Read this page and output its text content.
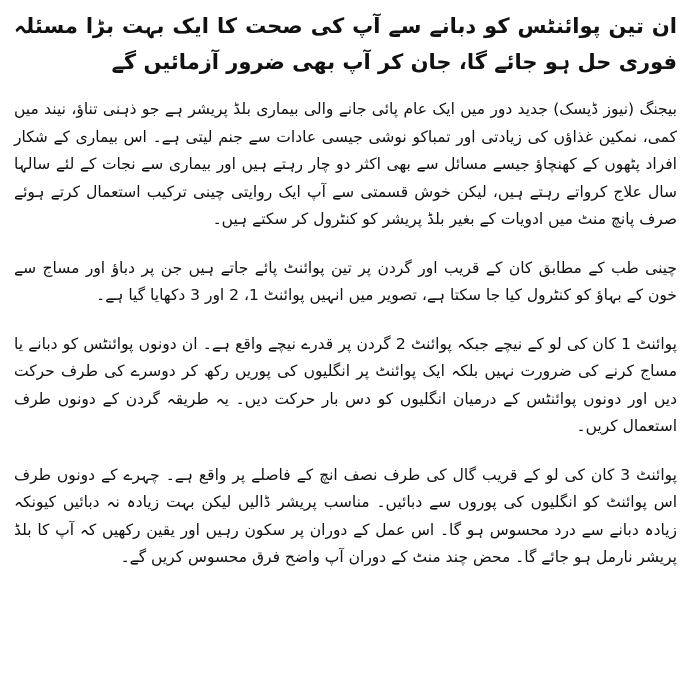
ان تین پوائنٹس کو دبانے سے آپ کی صحت کا ایک بہت بڑا مسئلہ فوری حل ہو جائے گا، جان کر آپ بھی ضرور آزمائیں گے

بیجنگ (نیوز ڈیسک) جدید دور میں ایک عام پائی جانے والی بیماری بلڈ پریشر ہے جو ذہنی تناؤ، نیند میں کمی، نمکین غذاؤں کی زیادتی اور تمباکو نوشی جیسی عادات سے جنم لیتی ہے۔ اس بیماری کے شکار افراد پٹھوں کے کھنچاؤ جیسے مسائل سے بھی اکثر دو چار رہتے ہیں اور بیماری سے نجات کے لئے سالہا سال علاج کرواتے رہتے ہیں، لیکن خوش قسمتی سے آپ ایک روایتی چینی ترکیب استعمال کرتے ہوئے صرف پانچ منٹ میں ادویات کے بغیر بلڈ پریشر کو کنٹرول کر سکتے ہیں۔

چینی طب کے مطابق کان کے قریب اور گردن پر تین پوائنٹ پائے جاتے ہیں جن پر دباؤ اور مساج سے خون کے بہاؤ کو کنٹرول کیا جا سکتا ہے، تصویر میں انہیں پوائنٹ 1، 2 اور 3 دکھایا گیا ہے۔

پوائنٹ 1 کان کی لو کے نیچے جبکہ پوائنٹ 2 گردن پر قدرے نیچے واقع ہے۔ ان دونوں پوائنٹس کو دبانے یا مساج کرنے کی ضرورت نہیں بلکہ ایک پوائنٹ پر انگلیوں کی پوریں رکھ کر دوسرے کی طرف حرکت دیں اور دونوں پوائنٹس کے درمیان انگلیوں کو دس بار حرکت دیں۔ یہ طریقہ گردن کے دونوں طرف استعمال کریں۔

پوائنٹ 3 کان کی لو کے قریب گال کی طرف نصف انچ کے فاصلے پر واقع ہے۔ چہرے کے دونوں طرف اس پوائنٹ کو انگلیوں کی پوروں سے دبائیں۔ مناسب پریشر ڈالیں لیکن بہت زیادہ نہ دبائیں کیونکہ زیادہ دبانے سے درد محسوس ہو گا۔ اس عمل کے دوران پر سکون رہیں اور یقین رکھیں کہ آپ کا بلڈ پریشر نارمل ہو جائے گا۔ محض چند منٹ کے دوران آپ واضح فرق محسوس کریں گے۔
